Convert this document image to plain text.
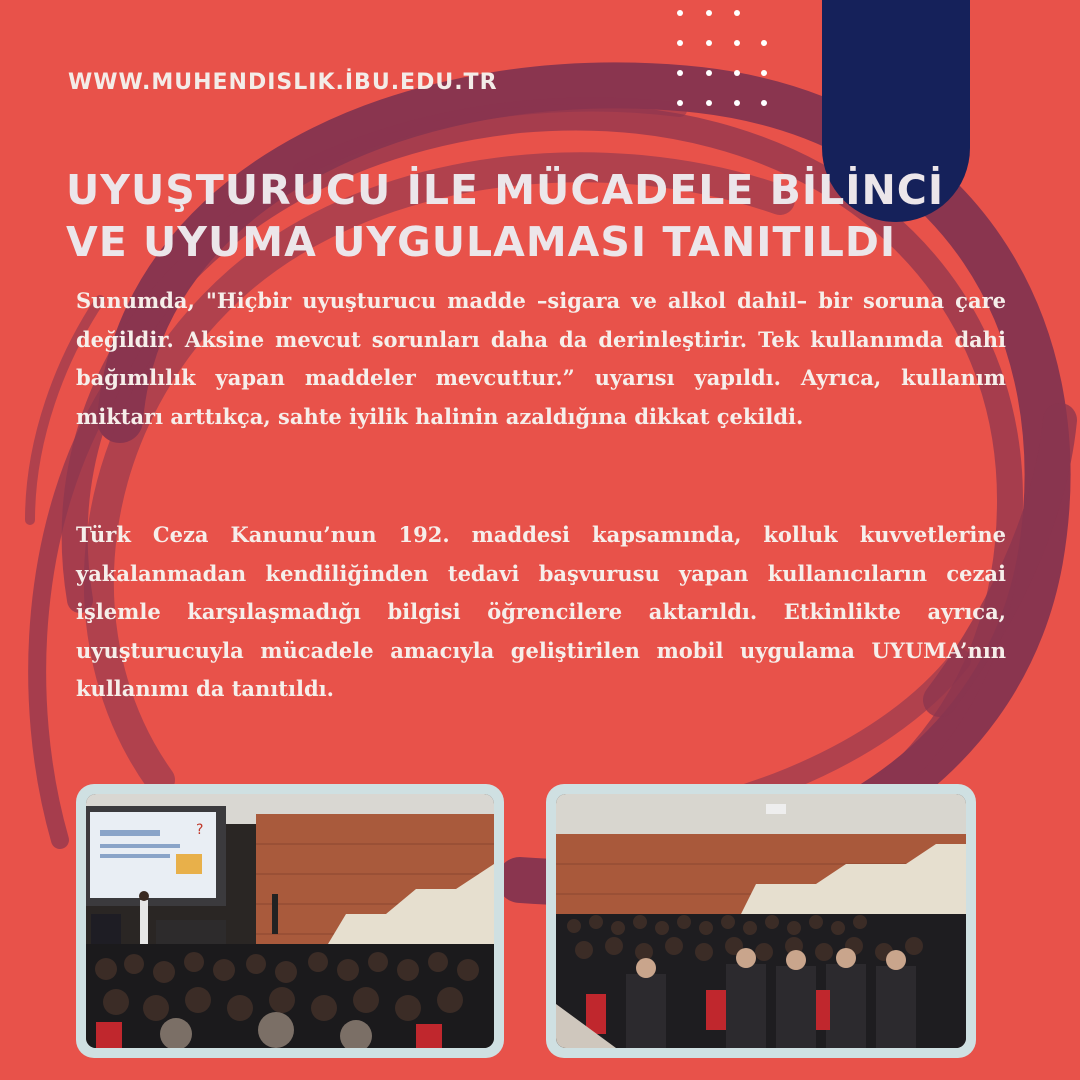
WWW.MUHENDISLIK.İBU.EDU.TR
UYUŞTURUCU İLE MÜCADELE BİLİNCİ
VE UYUMA UYGULAMASI TANITILDI
Sunumda, "Hiçbir uyuşturucu madde –sigara ve alkol dahil– bir soruna çare değildir. Aksine mevcut sorunları daha da derinleştirir. Tek kullanımda dahi bağımlılık yapan maddeler mevcuttur.” uyarısı yapıldı. Ayrıca, kullanım miktarı arttıkça, sahte iyilik halinin azaldığına dikkat çekildi.
Türk Ceza Kanunu’nun 192. maddesi kapsamında, kolluk kuvvetlerine yakalanmadan kendiliğinden tedavi başvurusu yapan kullanıcıların cezai işlemle karşılaşmadığı bilgisi öğrencilere aktarıldı. Etkinlikte ayrıca, uyuşturucuyla mücadele amacıyla geliştirilen mobil uygulama UYUMA’nın kullanımı da tanıtıldı.
?
